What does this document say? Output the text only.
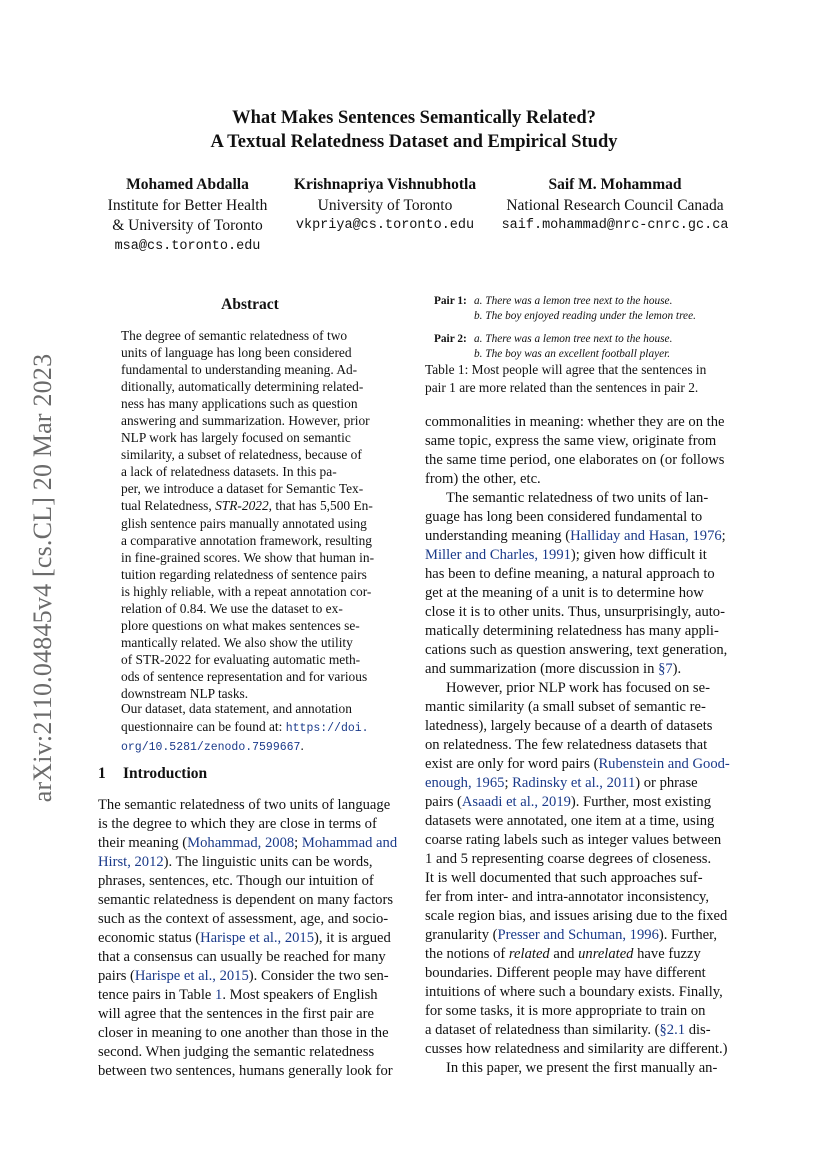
arXiv:2110.04845v4 [cs.CL] 20 Mar 2023
What Makes Sentences Semantically Related?
A Textual Relatedness Dataset and Empirical Study
Mohamed Abdalla
Institute for Better Health
& University of Toronto
msa@cs.toronto.edu
Krishnapriya Vishnubhotla
University of Toronto
vkpriya@cs.toronto.edu
Saif M. Mohammad
National Research Council Canada
saif.mohammad@nrc-cnrc.gc.ca
Abstract
The degree of semantic relatedness of two
units of language has long been considered
fundamental to understanding meaning. Ad-
ditionally, automatically determining related-
ness has many applications such as question
answering and summarization. However, prior
NLP work has largely focused on semantic
similarity, a subset of relatedness, because of
a lack of relatedness datasets. In this pa-
per, we introduce a dataset for Semantic Tex-
tual Relatedness, STR-2022, that has 5,500 En-
glish sentence pairs manually annotated using
a comparative annotation framework, resulting
in fine-grained scores. We show that human in-
tuition regarding relatedness of sentence pairs
is highly reliable, with a repeat annotation cor-
relation of 0.84. We use the dataset to ex-
plore questions on what makes sentences se-
mantically related. We also show the utility
of STR-2022 for evaluating automatic meth-
ods of sentence representation and for various
downstream NLP tasks.
Our dataset, data statement, and annotation
questionnaire can be found at: https://doi.
org/10.5281/zenodo.7599667.
1 Introduction
The semantic relatedness of two units of language
is the degree to which they are close in terms of
their meaning (Mohammad, 2008; Mohammad and
Hirst, 2012). The linguistic units can be words,
phrases, sentences, etc. Though our intuition of
semantic relatedness is dependent on many factors
such as the context of assessment, age, and socio-
economic status (Harispe et al., 2015), it is argued
that a consensus can usually be reached for many
pairs (Harispe et al., 2015). Consider the two sen-
tence pairs in Table 1. Most speakers of English
will agree that the sentences in the first pair are
closer in meaning to one another than those in the
second. When judging the semantic relatedness
between two sentences, humans generally look for
Pair 1: a. There was a lemon tree next to the house.
b. The boy enjoyed reading under the lemon tree.
Pair 2: a. There was a lemon tree next to the house.
b. The boy was an excellent football player.
Table 1: Most people will agree that the sentences in
pair 1 are more related than the sentences in pair 2.
commonalities in meaning: whether they are on the
same topic, express the same view, originate from
the same time period, one elaborates on (or follows
from) the other, etc.
The semantic relatedness of two units of lan-
guage has long been considered fundamental to
understanding meaning (Halliday and Hasan, 1976;
Miller and Charles, 1991); given how difficult it
has been to define meaning, a natural approach to
get at the meaning of a unit is to determine how
close it is to other units. Thus, unsurprisingly, auto-
matically determining relatedness has many appli-
cations such as question answering, text generation,
and summarization (more discussion in §7).
However, prior NLP work has focused on se-
mantic similarity (a small subset of semantic re-
latedness), largely because of a dearth of datasets
on relatedness. The few relatedness datasets that
exist are only for word pairs (Rubenstein and Good-
enough, 1965; Radinsky et al., 2011) or phrase
pairs (Asaadi et al., 2019). Further, most existing
datasets were annotated, one item at a time, using
coarse rating labels such as integer values between
1 and 5 representing coarse degrees of closeness.
It is well documented that such approaches suf-
fer from inter- and intra-annotator inconsistency,
scale region bias, and issues arising due to the fixed
granularity (Presser and Schuman, 1996). Further,
the notions of related and unrelated have fuzzy
boundaries. Different people may have different
intuitions of where such a boundary exists. Finally,
for some tasks, it is more appropriate to train on
a dataset of relatedness than similarity. (§2.1 dis-
cusses how relatedness and similarity are different.)
In this paper, we present the first manually an-
